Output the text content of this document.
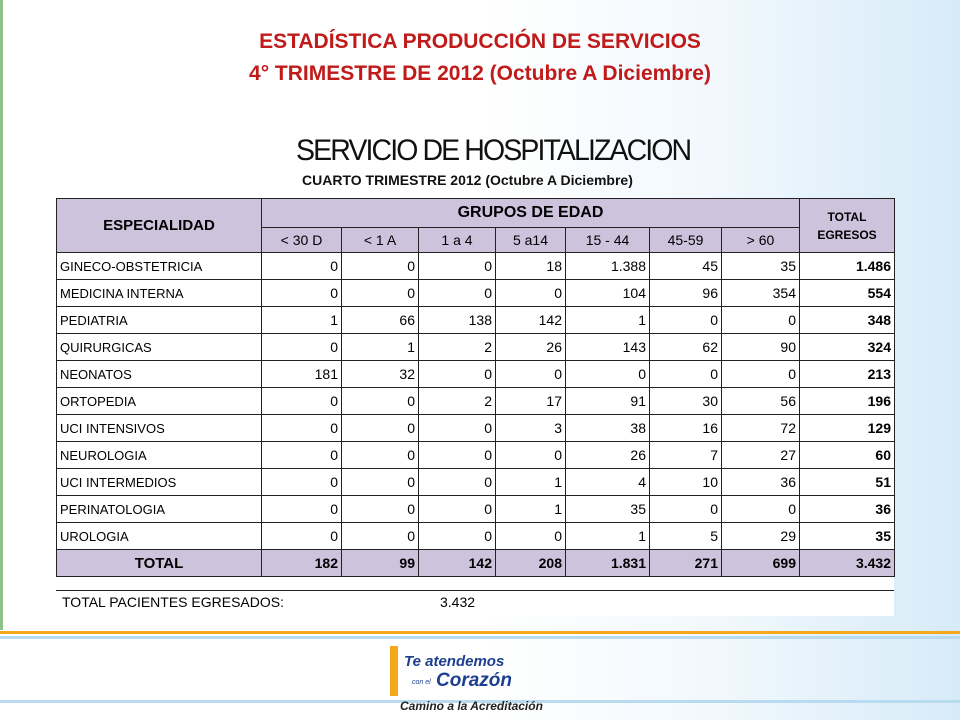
ESTADÍSTICA PRODUCCIÓN DE SERVICIOS
4° TRIMESTRE DE 2012 (Octubre A Diciembre)
SERVICIO DE HOSPITALIZACION
CUARTO TRIMESTRE 2012 (Octubre A Diciembre)
ESPECIALIDAD	GRUPOS DE EDAD							TOTAL
EGRESOS

	< 30 D	< 1 A	1 a 4	5 a14	15 - 44	45-59	> 60	
GINECO-OBSTETRICIA	0	0	0	18	1.388	45	35	1.486
MEDICINA INTERNA	0	0	0	0	104	96	354	554
PEDIATRIA	1	66	138	142	1	0	0	348
QUIRURGICAS	0	1	2	26	143	62	90	324
NEONATOS	181	32	0	0	0	0	0	213
ORTOPEDIA	0	0	2	17	91	30	56	196
UCI INTENSIVOS	0	0	0	3	38	16	72	129
NEUROLOGIA	0	0	0	0	26	7	27	60
UCI INTERMEDIOS	0	0	0	1	4	10	36	51
PERINATOLOGIA	0	0	0	1	35	0	0	36
UROLOGIA	0	0	0	0	1	5	29	35
TOTAL	182	99	142	208	1.831	271	699	3.432
TOTAL PACIENTES EGRESADOS:	3.432
Te atendemos
con el Corazón
Camino a la Acreditación
